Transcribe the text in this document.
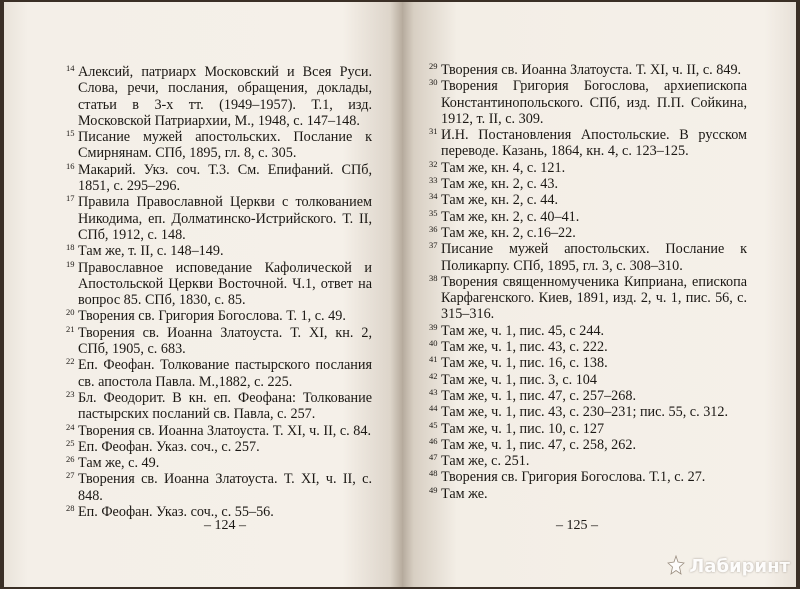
14 Алексий, патриарх Московский и Всея Руси. Слова, речи, послания, обращения, доклады, статьи в 3-х тт. (1949–1957). Т.1, изд. Московской Патриархии, М., 1948, с. 147–148.
15 Писание мужей апостольских. Послание к Смирнянам. СПб, 1895, гл. 8, с. 305.
16 Макарий. Укз. соч. Т.3. См. Епифаний. СПб, 1851, с. 295–296.
17 Правила Православной Церкви с толкованием Никодима, еп. Долматинско-Истрийского. Т. II, СПб, 1912, с. 148.
18 Там же, т. II, с. 148–149.
19 Православное исповедание Кафолической и Апостольской Церкви Восточной. Ч.1, ответ на вопрос 85. СПб, 1830, с. 85.
20 Творения св. Григория Богослова. Т. 1, с. 49.
21 Творения св. Иоанна Златоуста. Т. XI, кн. 2, СПб, 1905, с. 683.
22 Еп. Феофан. Толкование пастырского послания св. апостола Павла. М.,1882, с. 225.
23 Бл. Феодорит. В кн. еп. Феофана: Толкование пастырских посланий св. Павла, с. 257.
24 Творения св. Иоанна Златоуста. Т. XI, ч. II, с. 84.
25 Еп. Феофан. Указ. соч., с. 257.
26 Там же, с. 49.
27 Творения св. Иоанна Златоуста. Т. XI, ч. II, с. 848.
28 Еп. Феофан. Указ. соч., с. 55–56.
– 124 –
29 Творения св. Иоанна Златоуста. Т. XI, ч. II, с. 849.
30 Творения Григория Богослова, архиепископа Константинопольского. СПб, изд. П.П. Сойкина, 1912, т. II, с. 309.
31 И.Н. Постановления Апостольские. В русском переводе. Казань, 1864, кн. 4, с. 123–125.
32 Там же, кн. 4, с. 121.
33 Там же, кн. 2, с. 43.
34 Там же, кн. 2, с. 44.
35 Там же, кн. 2, с. 40–41.
36 Там же, кн. 2, с.16–22.
37 Писание мужей апостольских. Послание к Поликарпу. СПб, 1895, гл. 3, с. 308–310.
38 Творения священномученика Киприана, епископа Карфагенского. Киев, 1891, изд. 2, ч. 1, пис. 56, с. 315–316.
39 Там же, ч. 1, пис. 45, с 244.
40 Там же, ч. 1, пис. 43, с. 222.
41 Там же, ч. 1, пис. 16, с. 138.
42 Там же, ч. 1, пис. 3, с. 104
43 Там же, ч. 1, пис. 47, с. 257–268.
44 Там же, ч. 1, пис. 43, с. 230–231; пис. 55, с. 312.
45 Там же, ч. 1, пис. 10, с. 127
46 Там же, ч. 1, пис. 47, с. 258, 262.
47 Там же, с. 251.
48 Творения св. Григория Богослова. Т.1, с. 27.
49 Там же.
– 125 –
Лабиринт
